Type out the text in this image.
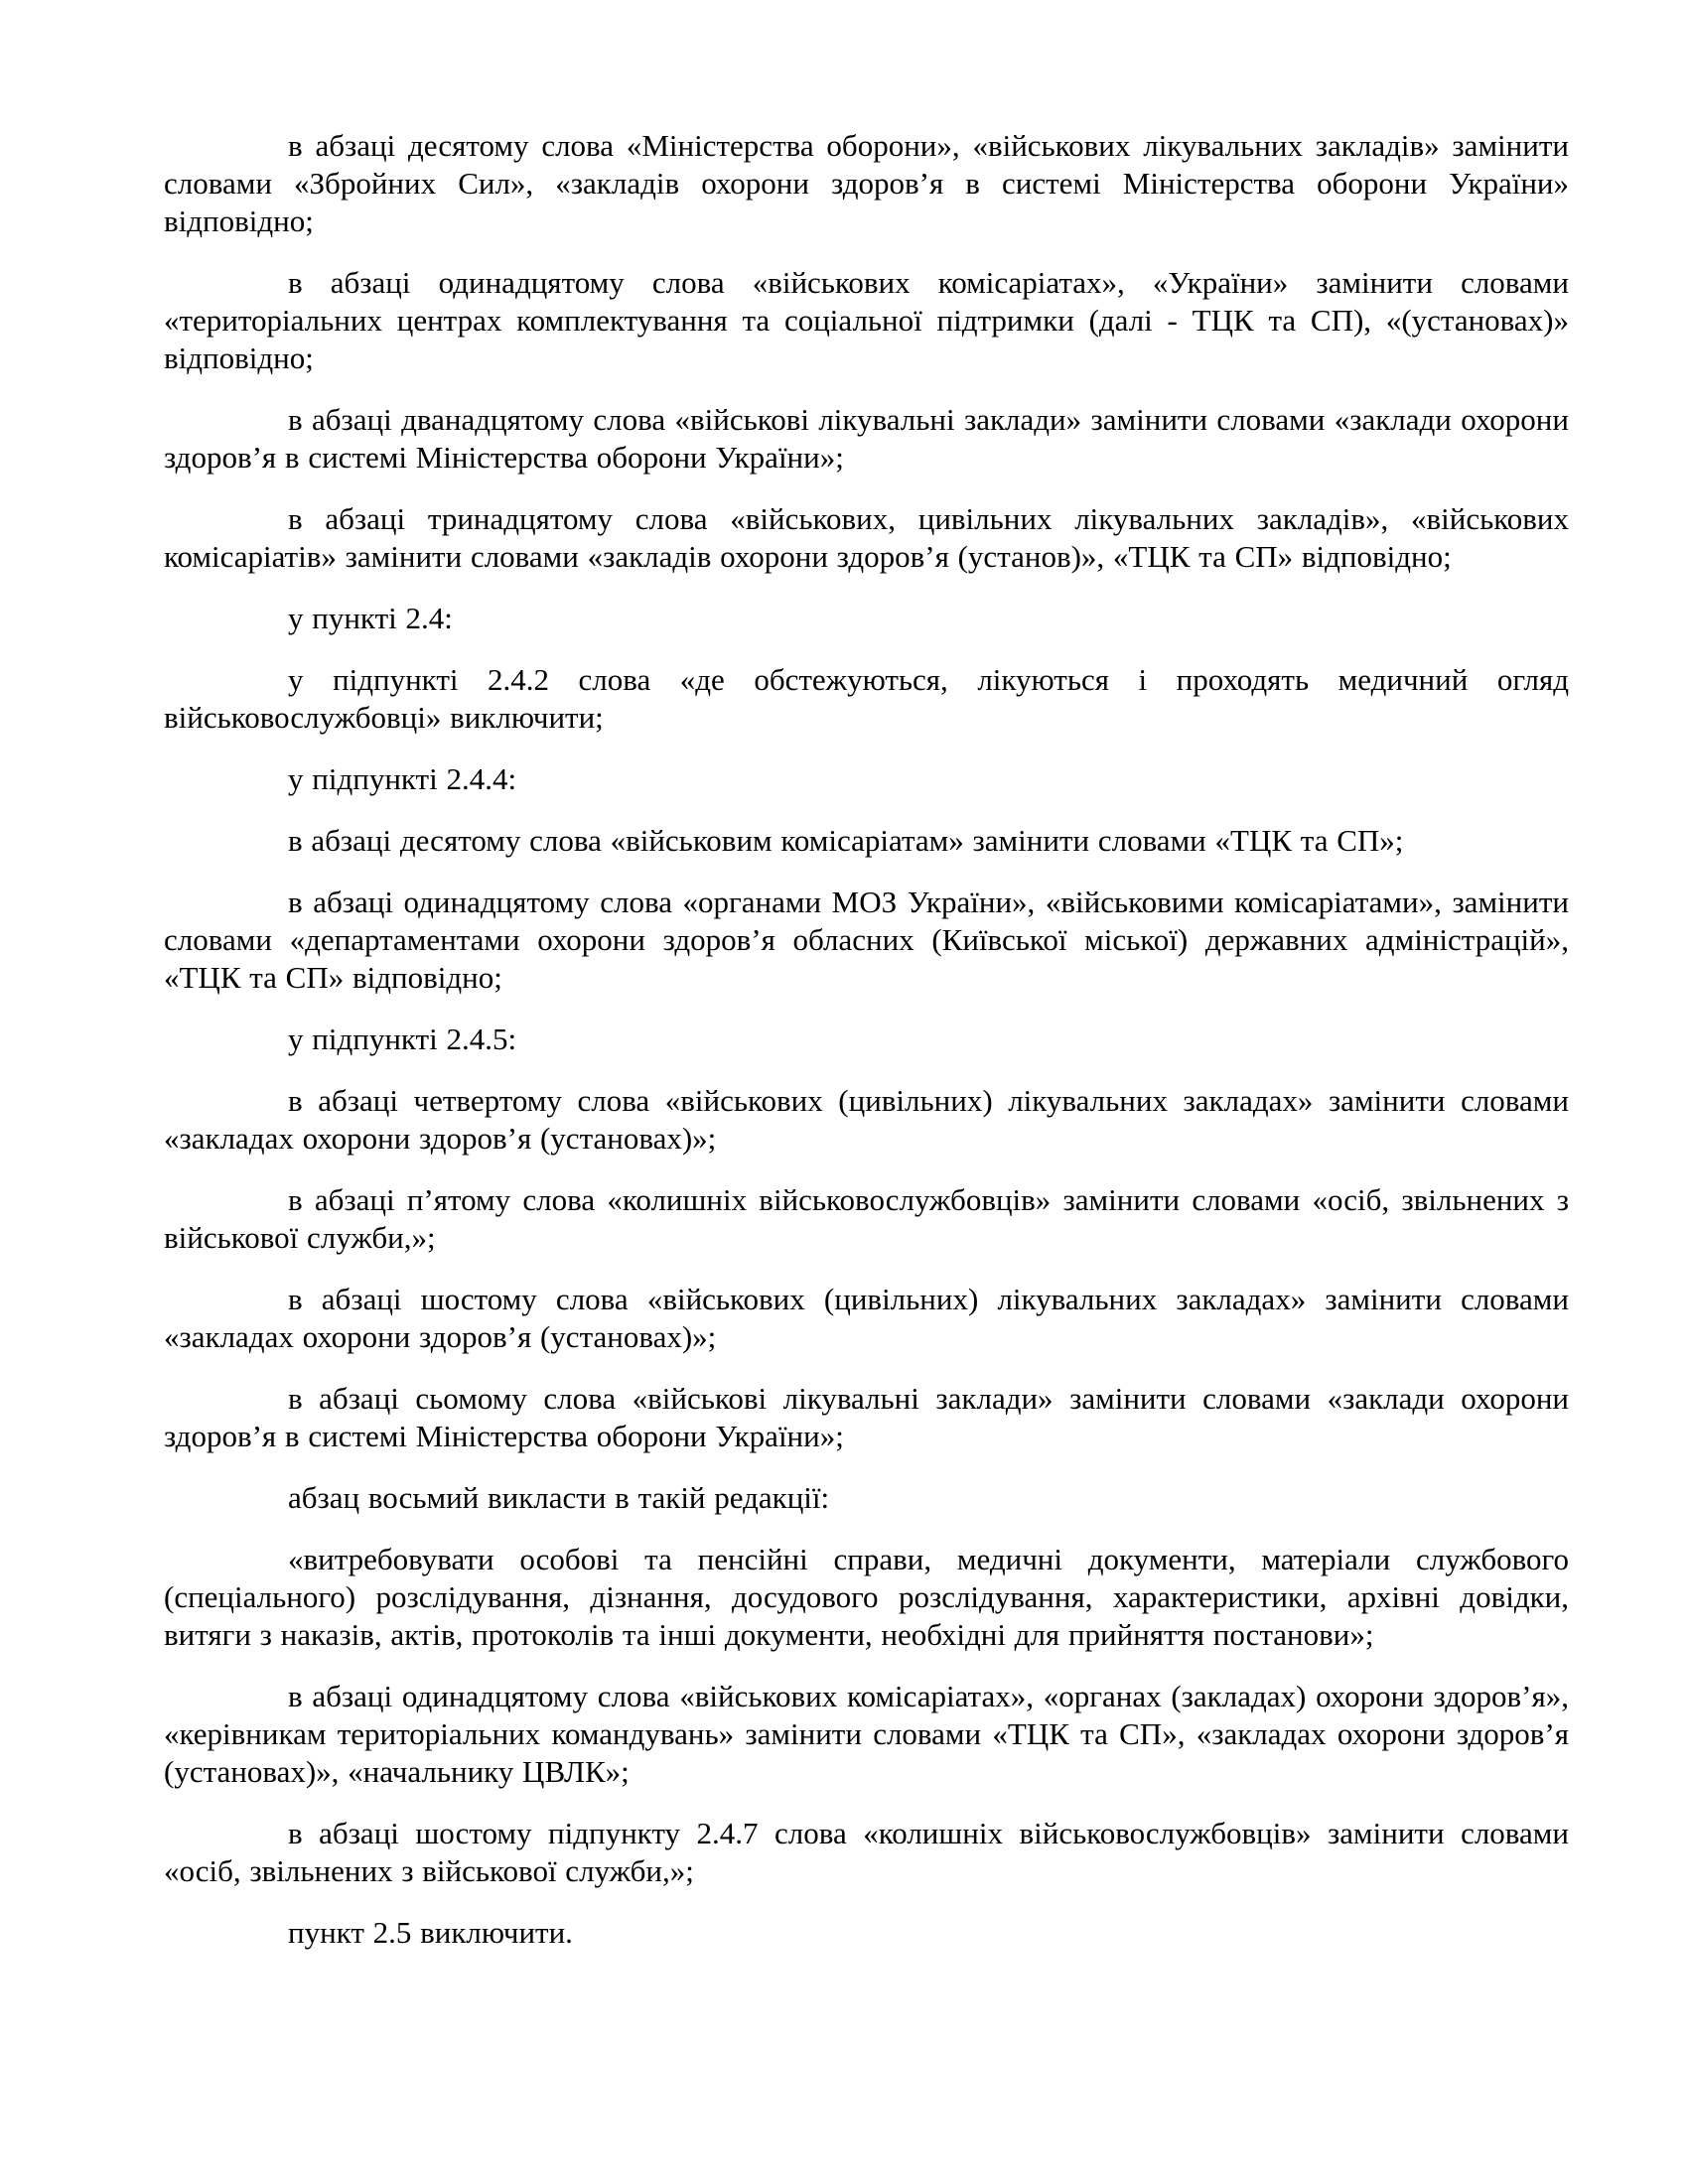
в абзаці десятому слова «Міністерства оборони», «військових лікувальних закладів» замінити словами «Збройних Сил», «закладів охорони здоров’я в системі Міністерства оборони України» відповідно;

в абзаці одинадцятому слова «військових комісаріатах», «України» замінити словами «територіальних центрах комплектування та соціальної підтримки (далі - ТЦК та СП), «(установах)» відповідно;

в абзаці дванадцятому слова «військові лікувальні заклади» замінити словами «заклади охорони здоров’я в системі Міністерства оборони України»;

в абзаці тринадцятому слова «військових, цивільних лікувальних закладів», «військових комісаріатів» замінити словами «закладів охорони здоров’я (установ)», «ТЦК та СП» відповідно;

у пункті 2.4:

у підпункті 2.4.2 слова «де обстежуються, лікуються і проходять медичний огляд військовослужбовці» виключити;

у підпункті 2.4.4:

в абзаці десятому слова «військовим комісаріатам» замінити словами «ТЦК та СП»;

в абзаці одинадцятому слова «органами МОЗ України», «військовими комісаріатами», замінити словами «департаментами охорони здоров’я обласних (Київської міської) державних адміністрацій», «ТЦК та СП» відповідно;

у підпункті 2.4.5:

в абзаці четвертому слова «військових (цивільних) лікувальних закладах» замінити словами «закладах охорони здоров’я (установах)»;

в абзаці п’ятому слова «колишніх військовослужбовців» замінити словами «осіб, звільнених з військової служби,»;

в абзаці шостому слова «військових (цивільних) лікувальних закладах» замінити словами «закладах охорони здоров’я (установах)»;

в абзаці сьомому слова «військові лікувальні заклади» замінити словами «заклади охорони здоров’я в системі Міністерства оборони України»;

абзац восьмий викласти в такій редакції:

«витребовувати особові та пенсійні справи, медичні документи, матеріали службового (спеціального) розслідування, дізнання, досудового розслідування, характеристики, архівні довідки, витяги з наказів, актів, протоколів та інші документи, необхідні для прийняття постанови»;

в абзаці одинадцятому слова «військових комісаріатах», «органах (закладах) охорони здоров’я», «керівникам територіальних командувань» замінити словами «ТЦК та СП», «закладах охорони здоров’я (установах)», «начальнику ЦВЛК»;

в абзаці шостому підпункту 2.4.7 слова «колишніх військовослужбовців» замінити словами «осіб, звільнених з військової служби,»;

пункт 2.5 виключити.
